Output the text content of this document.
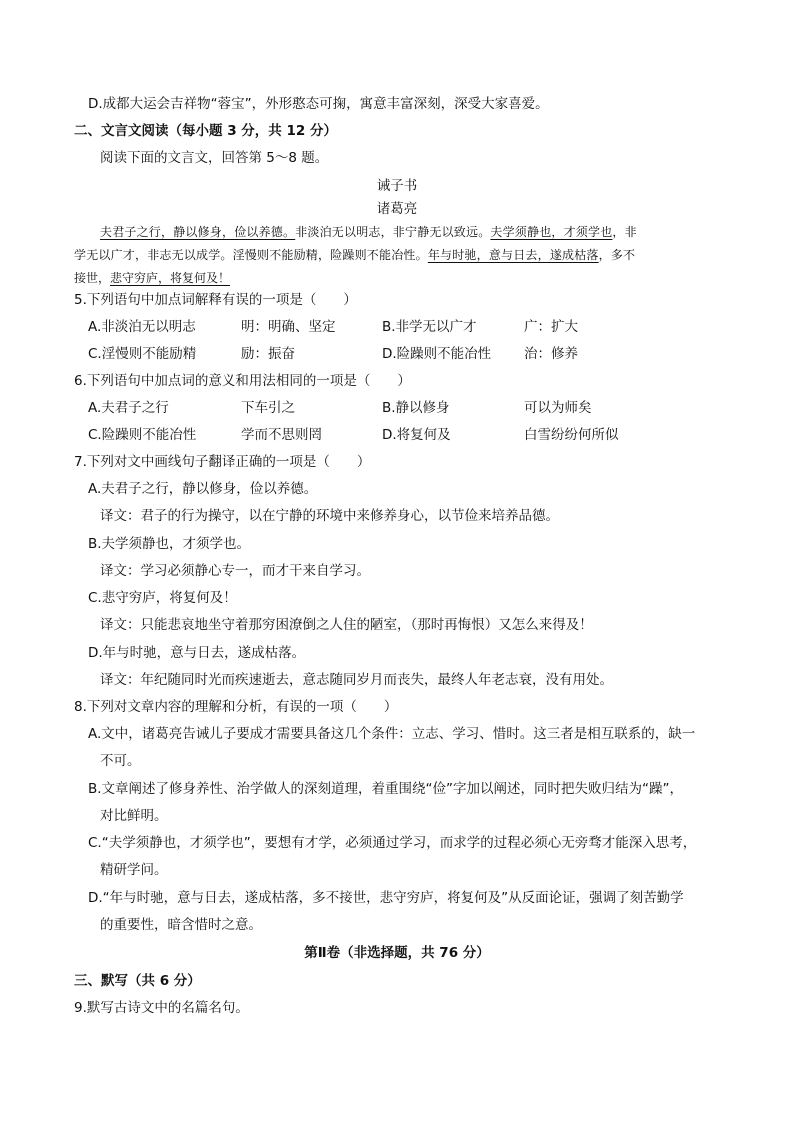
D.成都大运会吉祥物“蓉宝”，外形憨态可掬，寓意丰富深刻，深受大家喜爱。
二、文言文阅读（每小题 3 分，共 12 分）
阅读下面的文言文，回答第 5～8 题。
诫子书
诸葛亮
夫君子之行，静以修身，俭以养德。非淡泊无以明志，非宁静无以致远。夫学须静也，才须学也，非
学无以广才，非志无以成学。淫慢则不能励精，险躁则不能冶性。年与时驰，意与日去，遂成枯落，多不
接世，悲守穷庐，将复何及！
5.下列语句中加点词解释有误的一项是（　　）
A.非淡泊无以明志	明：明确、坚定	B.非学无以广才	广：扩大
C.淫慢则不能励精	励：振奋	D.险躁则不能冶性 治：修养
6.下列语句中加点词的意义和用法相同的一项是（　　）
A.夫君子之行	下车引之	B.静以修身	可以为师矣
C.险躁则不能冶性	学而不思则罔	D.将复何及	白雪纷纷何所似
7.下列对文中画线句子翻译正确的一项是（　　）
A.夫君子之行，静以修身，俭以养德。
译文：君子的行为操守，以在宁静的环境中来修养身心，以节俭来培养品德。
B.夫学须静也，才须学也。
译文：学习必须静心专一，而才干来自学习。
C.悲守穷庐，将复何及！
译文：只能悲哀地坐守着那穷困潦倒之人住的陋室，（那时再悔恨）又怎么来得及！
D.年与时驰，意与日去，遂成枯落。
译文：年纪随同时光而疾速逝去，意志随同岁月而丧失，最终人年老志衰，没有用处。
8.下列对文章内容的理解和分析，有误的一项（　　）
A.文中，诸葛亮告诫儿子要成才需要具备这几个条件：立志、学习、惜时。这三者是相互联系的，缺一
不可。
B.文章阐述了修身养性、治学做人的深刻道理，着重围绕“俭”字加以阐述，同时把失败归结为“躁”，
对比鲜明。
C.“夫学须静也，才须学也”，要想有才学，必须通过学习，而求学的过程必须心无旁骛才能深入思考，
精研学问。
D.“年与时驰，意与日去，遂成枯落，多不接世，悲守穷庐，将复何及”从反面论证，强调了刻苦勤学
的重要性，暗含惜时之意。
第Ⅱ卷（非选择题，共 76 分）
三、默写（共 6 分）
9.默写古诗文中的名篇名句。
